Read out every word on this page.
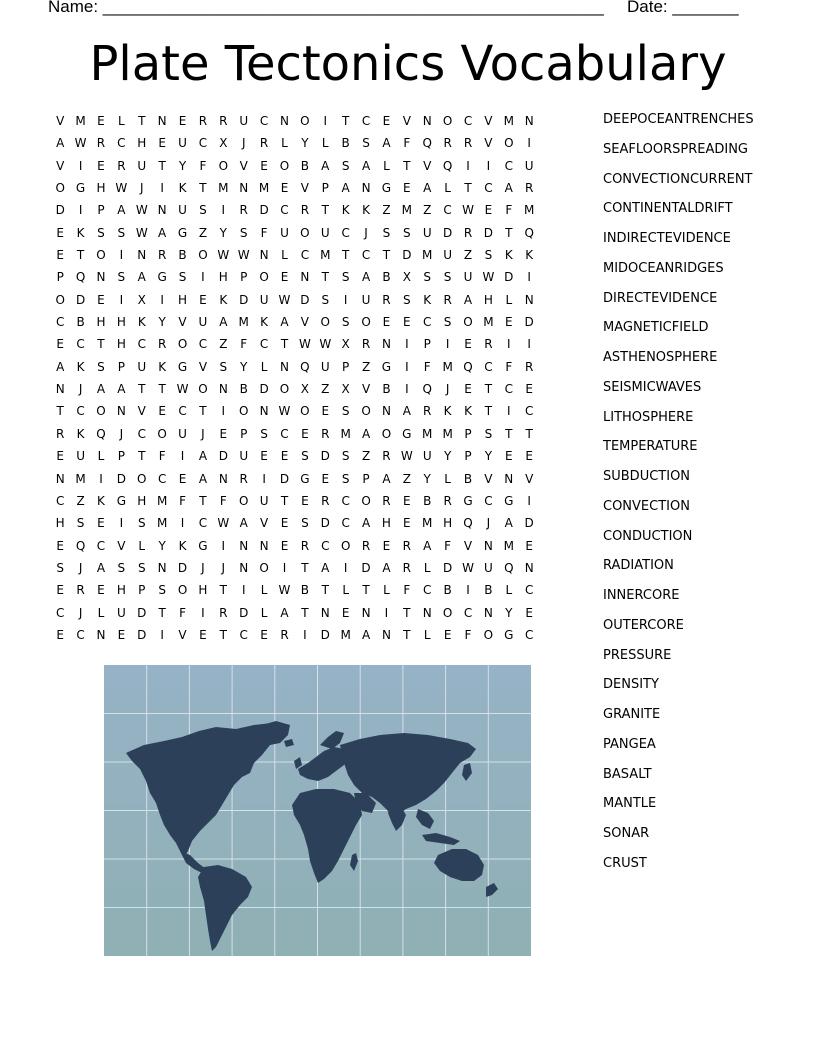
Name: _____________________________________________________ Date: _______
Plate Tectonics Vocabulary
V M E	L	T	N	E	R	R U C N O	I	T	C	E	V N O C	V M N
A W R	C H	E	U C	X	J	R	L	Y	L	B	S	A	F	Q R	R	V O	I
V	I	E	R U	T	Y	F	O V	E O B	A	S	A	L	T	V Q	I	I	C U
O G H W	J	I	K	T M N M E	V	P	A N G E	A	L	T	C	A	R
D	I	P	A W N U	S	I	R D C	R	T	K	K	Z M Z	C W E	F M
E	K	S	S W A G Z	Y	S	F	U O U C	J	S	S	U D R D	T	Q
E	T	O	I	N R	B O W W N	L	C M T	C	T	D M U Z	S	K	K
P	Q N	S	A G S	I	H	P	O E	N	T	S	A	B	X	S	S	U W D	I
O D E	I	X	I	H	E	K D U W D S	I	U R	S	K	R	A H	L	N
C	B H H K	Y	V U A M K	A	V O S O E	E	C	S O M E D
E	C	T	H C	R O C	Z	F	C	T W W X	R N	I	P	I	E	R	I	I
A	K	S	P	U	K G V	S	Y	L	N Q U	P	Z G	I	F M Q C	F	R
N	J	A	A	T	T W O N B D O X	Z	X	V	B	I	Q	J	E	T	C	E
T	C O N V	E	C	T	I	O N W O E	S O N A	R	K	K	T	I	C
R	K Q	J	C O U	J	E	P	S	C	E	R M A O G M M P	S	T	T
E	U	L	P	T	F	I	A D U	E	E	S D S	Z	R W U	Y	P	Y	E	E
N M	I	D O C	E	A N R	I	D G E	S	P	A	Z	Y	L	B	V N V
C	Z	K G H M F	T	F	O U	T	E	R	C O R	E	B	R G C G	I
H	S	E	I	S M	I	C W A	V	E	S D C	A H	E M H Q	J	A D
E Q C	V	L	Y	K G	I	N N	E	R	C O R	E	R	A	F	V N M E
S	J	A	S	S	N D	J	J	N O	I	T	A	I	D A	R	L	D W U Q N
E	R	E	H	P	S O H	T	I	L W B	T	L	T	L	F	C	B	I	B	L	C
C	J	L	U D	T	F	I	R D	L	A	T	N	E	N	I	T	N O C N	Y	E
E	C N	E D	I	V	E	T	C	E	R	I	D M A N	T	L	E	F	O G C
DEEPOCEANTRENCHES
SEAFLOORSPREADING
CONVECTIONCURRENT
CONTINENTALDRIFT
INDIRECTEVIDENCE
MIDOCEANRIDGES
DIRECTEVIDENCE
MAGNETICFIELD
ASTHENOSPHERE
SEISMICWAVES
LITHOSPHERE
TEMPERATURE
SUBDUCTION
CONVECTION
CONDUCTION
RADIATION
INNERCORE
OUTERCORE
PRESSURE
DENSITY
GRANITE
PANGEA
BASALT
MANTLE
SONAR
CRUST
